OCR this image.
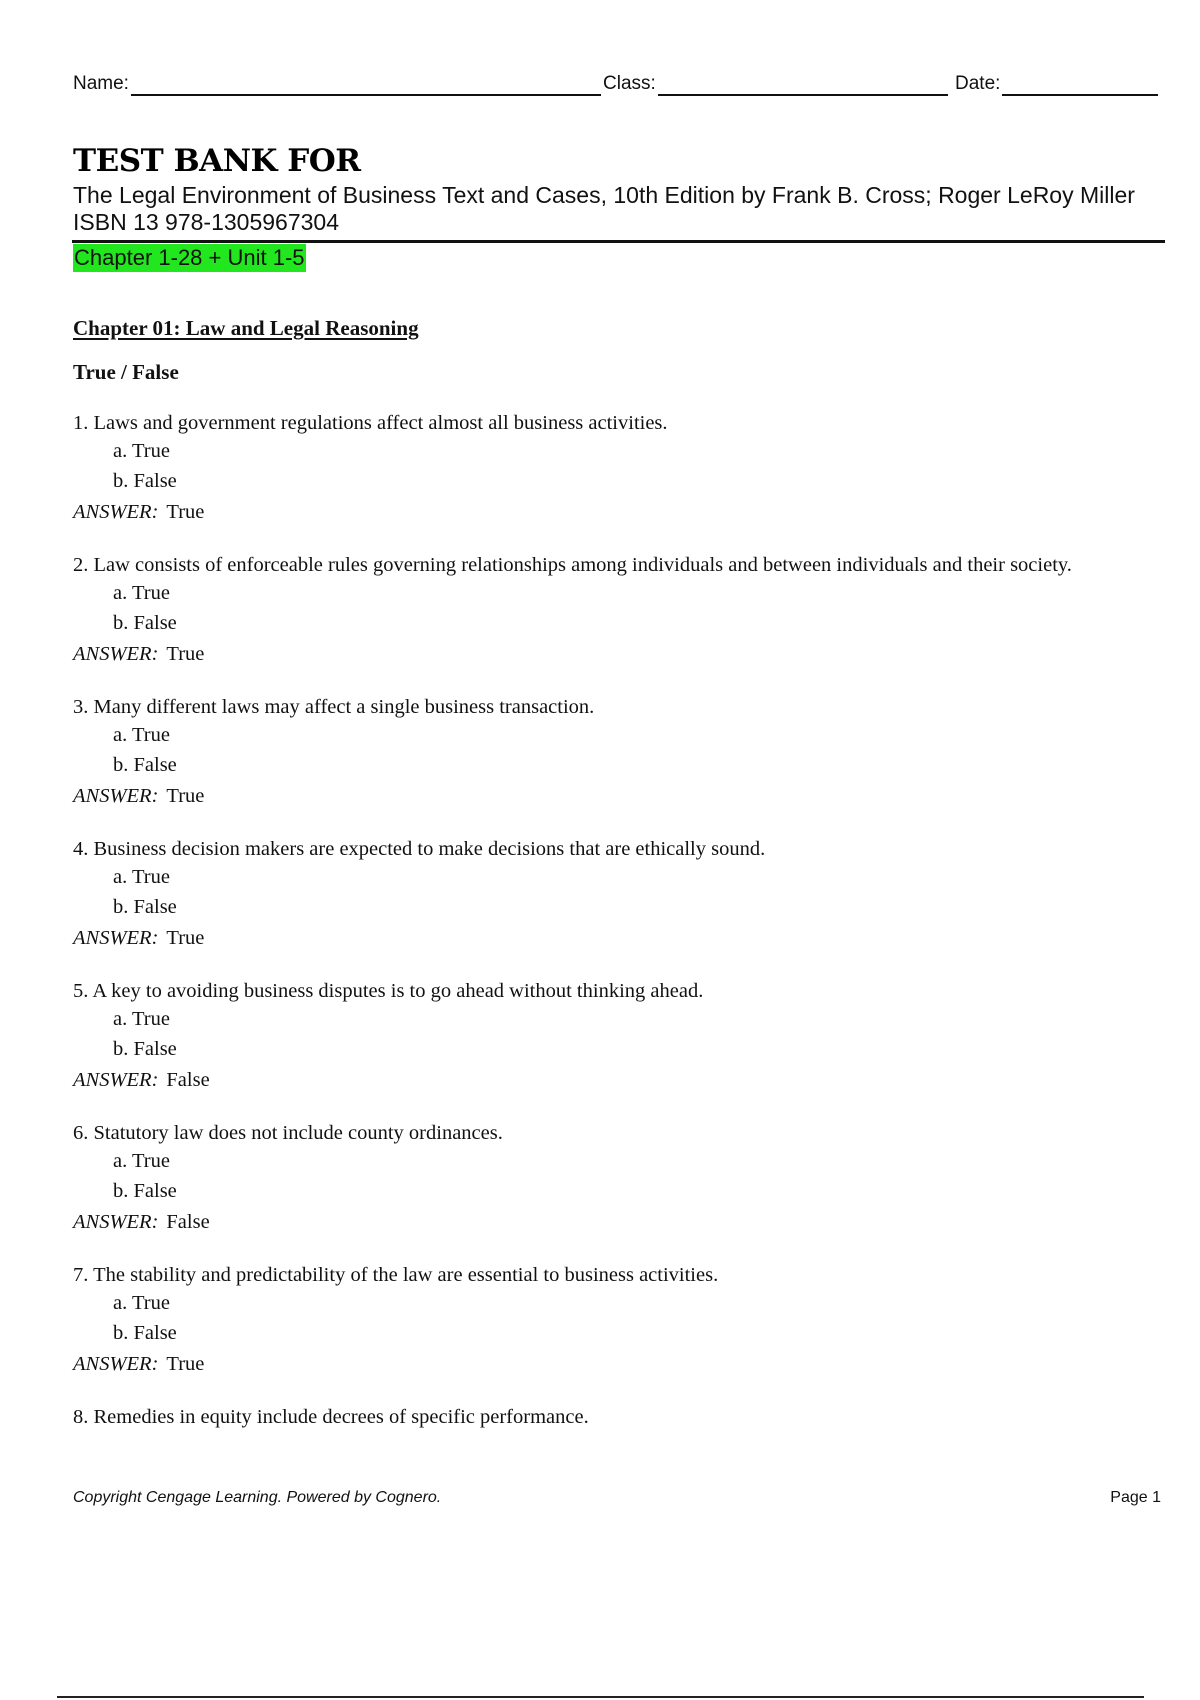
Name:	Class:	Date:
TEST BANK FOR
The Legal Environment of Business Text and Cases, 10th Edition by Frank B. Cross; Roger LeRoy Miller ISBN 13 978-1305967304
Chapter 1-28 + Unit 1-5
Chapter 01: Law and Legal Reasoning
True / False
1. Laws and government regulations affect almost all business activities.
a. True
b. False
ANSWER: True
2. Law consists of enforceable rules governing relationships among individuals and between individuals and their society.
a. True
b. False
ANSWER: True
3. Many different laws may affect a single business transaction.
a. True
b. False
ANSWER: True
4. Business decision makers are expected to make decisions that are ethically sound.
a. True
b. False
ANSWER: True
5. A key to avoiding business disputes is to go ahead without thinking ahead.
a. True
b. False
ANSWER: False
6. Statutory law does not include county ordinances.
a. True
b. False
ANSWER: False
7. The stability and predictability of the law are essential to business activities.
a. True
b. False
ANSWER: True
8. Remedies in equity include decrees of specific performance.
Copyright Cengage Learning. Powered by Cognero.	Page 1
